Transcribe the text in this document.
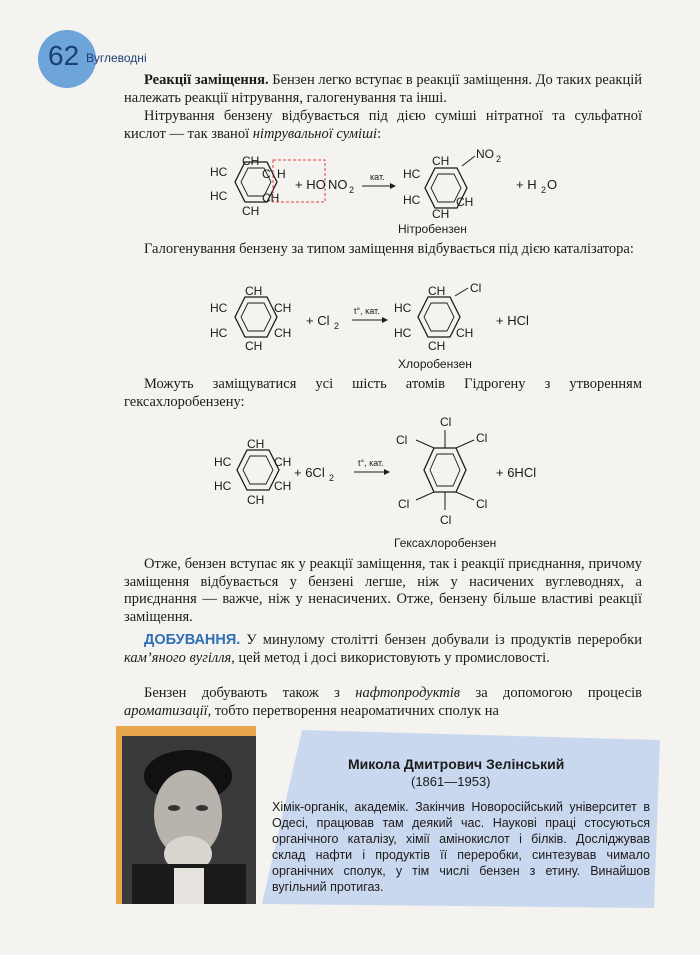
62 Вуглеводні
Реакції заміщення. Бензен легко вступає в реакції заміщення. До таких реакцій належать реакції нітрування, галогенування та інші.
Нітрування бензену відбувається під дією суміші нітратної та сульфатної кислот — так званої нітрувальної суміші:
CH
HC
HC
CH
CH
C H
+ HO NO 2
кат.
CH
HC
HC
CH
CH
NO 2
+ H 2 O
Нітробензен
Галогенування бензену за типом заміщення відбувається під дією каталізатора:
CH
HC
HC
CH
CH
CH
+ Cl 2
t°, кат.
CH
HC
HC
CH
CH
Cl
+ HCl
Хлоробензен
Можуть заміщуватися усі шість атомів Гідрогену з утворенням гексахлоробензену:
CH
HC
HC
CH
CH
CH
+ 6Cl 2
t°, кат.
Cl
Cl
Cl
Cl
Cl
Cl
+ 6HCl
Гексахлоробензен
Отже, бензен вступає як у реакції заміщення, так і реакції приєднання, причому заміщення відбувається у бензені легше, ніж у насичених вуглеводнях, а приєднання — важче, ніж у ненасичених. Отже, бензену більше властиві реакції заміщення.
ДОБУВАННЯ. У минулому столітті бензен добували із продуктів переробки кам’яного вугілля, цей метод і досі використовують у промисловості.
Бензен добувають також з нафтопродуктів за допомогою процесів ароматизації, тобто перетворення неароматичних сполук на
Микола Дмитрович Зелінський
(1861—1953)
Хімік-органік, академік. Закінчив Новоросійський університет в Одесі, працював там деякий час. Наукові праці стосуються органічного каталізу, хімії амінокислот і білків. Досліджував склад нафти і продуктів її переробки, синтезував чимало органічних сполук, у тім числі бензен з етину. Винайшов вугільний протигаз.
